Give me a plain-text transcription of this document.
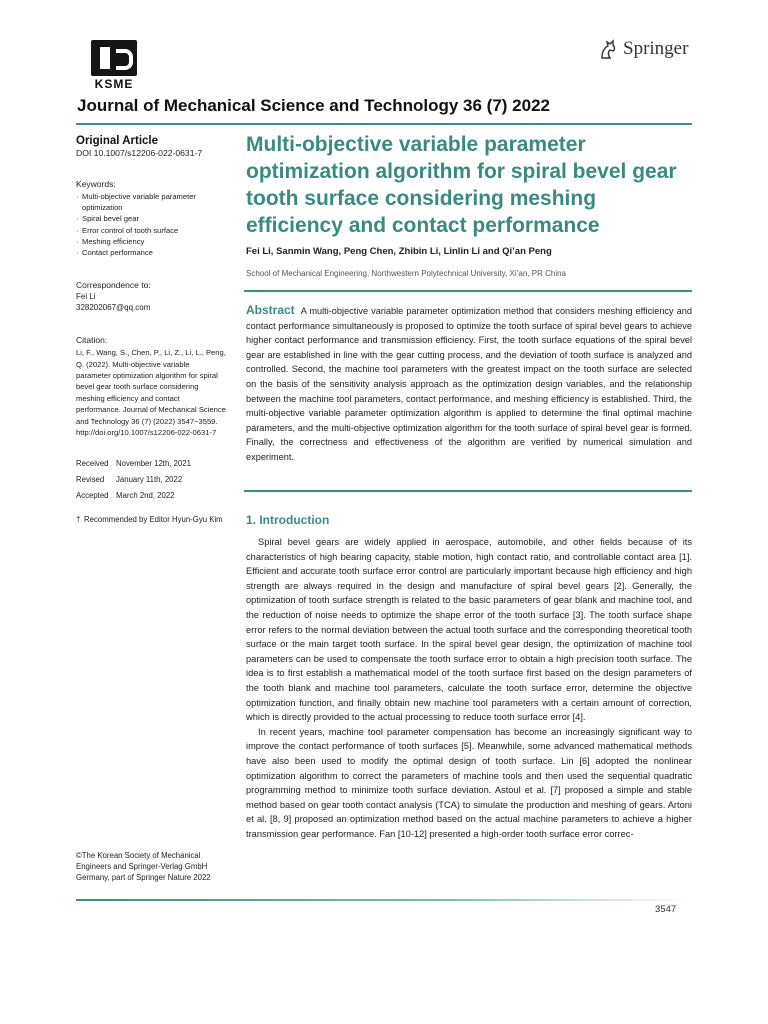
KSME
Springer
Journal of Mechanical Science and Technology 36 (7) 2022
Original Article
DOI 10.1007/s12206-022-0631-7
Keywords:
· Multi-objective variable parameter optimization
· Spiral bevel gear
· Error control of tooth surface
· Meshing efficiency
· Contact performance
Correspondence to:
Fei Li
328202067@qq.com
Citation:
Li, F., Wang, S., Chen, P., Li, Z., Li, L., Peng, Q. (2022). Multi-objective variable parameter optimization algorithm for spiral bevel gear tooth surface considering meshing efficiency and contact performance. Journal of Mechanical Science and Technology 36 (7) (2022) 3547~3559. http://doi.org/10.1007/s12206-022-0631-7
Received November 12th, 2021
Revised	January 11th, 2022
Accepted March 2nd, 2022
† Recommended by Editor Hyun-Gyu Kim
©The Korean Society of Mechanical Engineers and Springer-Verlag GmbH Germany, part of Springer Nature 2022
Multi-objective variable parameter optimization algorithm for spiral bevel gear tooth surface considering meshing efficiency and contact performance
Fei Li, Sanmin Wang, Peng Chen, Zhibin Li, Linlin Li and Qi’an Peng
School of Mechanical Engineering, Northwestern Polytechnical University, Xi’an, PR China
Abstract A multi-objective variable parameter optimization method that considers meshing efficiency and contact performance simultaneously is proposed to optimize the tooth surface of spiral bevel gears to achieve higher contact performance and transmission efficiency. First, the tooth surface equations of the spiral bevel gear are established in line with the gear cutting process, and the deviation of tooth surface is analyzed and controlled. Second, the machine tool parameters with the greatest impact on the tooth surface are selected on the basis of the sensitivity analysis approach as the optimization design variables, and the relationship between the machine tool parameters, contact performance, and meshing efficiency is established. Third, the multi-objective variable parameter optimization algorithm is applied to determine the final optimal machine parameters, and the multi-objective optimization algorithm for the tooth surface of spiral bevel gear is formed. Finally, the correctness and effectiveness of the algorithm are verified by numerical simulation and experiment.
1. Introduction

Spiral bevel gears are widely applied in aerospace, automobile, and other fields because of its characteristics of high bearing capacity, stable motion, high contact ratio, and controllable contact area [1]. Efficient and accurate tooth surface error control are particularly important because high efficiency and high strength are always required in the design and manufacture of spiral bevel gears [2]. Generally, the optimization of tooth surface strength is related to the basic parameters of gear blank and machine tool, and the reduction of noise needs to optimize the shape error of the tooth surface [3]. The tooth surface shape error refers to the normal deviation between the actual tooth surface and the corresponding theoretical tooth surface or the main target tooth surface. In the spiral bevel gear design, the optimization of machine tool parameters can be used to compensate the tooth surface error to obtain a high precision tooth surface. The idea is to first establish a mathematical model of the tooth surface first based on the design parameters of the tooth blank and machine tool parameters, calculate the tooth surface error, determine the objective optimization function, and finally obtain new machine tool parameters with a certain amount of correction, which is directly provided to the actual processing to reduce tooth surface error [4].

In recent years, machine tool parameter compensation has become an increasingly significant way to improve the contact performance of tooth surfaces [5]. Meanwhile, some advanced mathematical methods have also been used to modify the optimal design of tooth surface. Lin [6] adopted the nonlinear optimization algorithm to correct the parameters of machine tools and then used the sequential quadratic programming method to minimize tooth surface deviation. Astoul et al. [7] proposed a simple and stable method based on gear tooth contact analysis (TCA) to simulate the production and meshing of gears. Artoni et al. [8, 9] proposed an optimization method based on the actual machine parameters to achieve a higher transmission gear performance. Fan [10-12] presented a high-order tooth surface error correc-

3547
